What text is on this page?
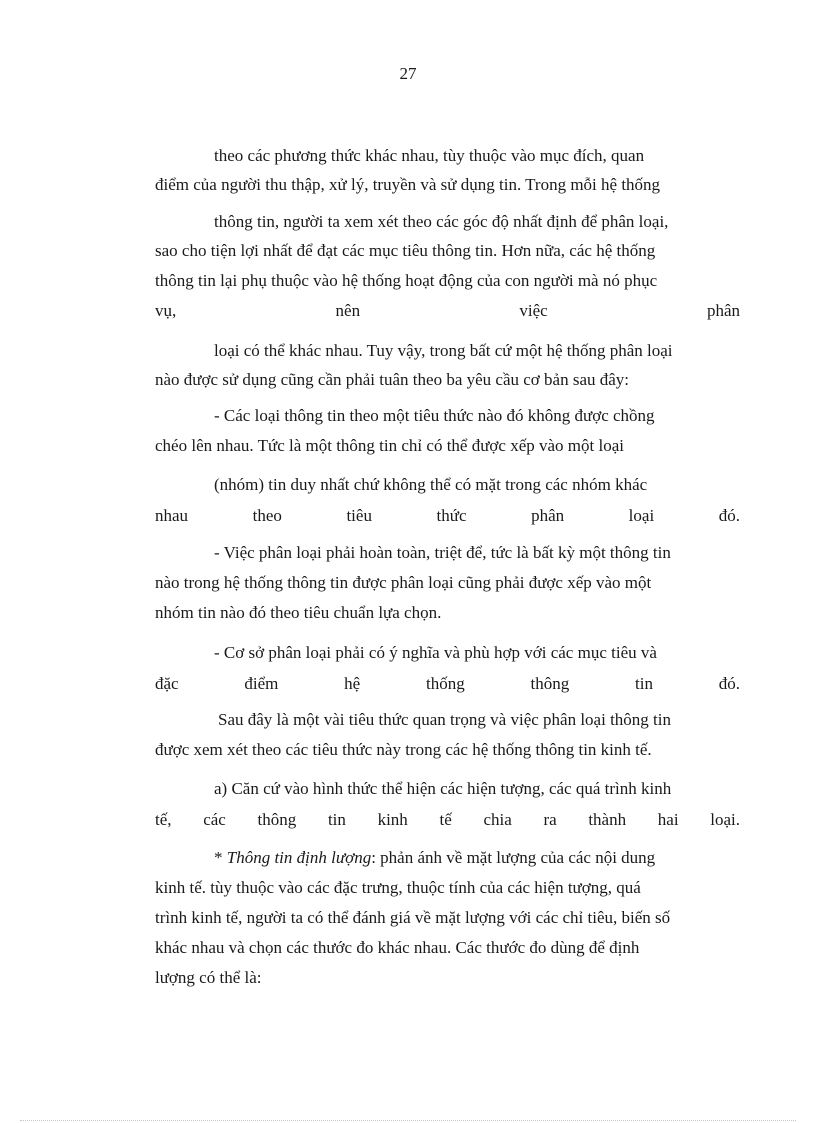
27
theo các phương thức khác nhau, tùy thuộc vào mục đích, quan
điểm của người thu thập, xử lý, truyền và sử dụng tin. Trong mỗi hệ thống
thông tin, người ta xem xét theo các góc độ nhất định để phân loại,
sao cho tiện lợi nhất để đạt các mục tiêu thông tin. Hơn nữa, các hệ thống
thông tin lại phụ thuộc vào hệ thống hoạt động của con người mà nó phục
vụ, nên việc phân
loại có thể khác nhau. Tuy vậy, trong bất cứ một hệ thống phân loại
nào được sử dụng cũng cần phải tuân theo ba yêu cầu cơ bản sau đây:
- Các loại thông tin theo một tiêu thức nào đó không được chồng
chéo lên nhau. Tức là một thông tin chỉ có thể được xếp vào một loại
(nhóm) tin duy nhất chứ không thể có mặt trong các nhóm khác
nhau theo tiêu thức phân loại đó.
- Việc phân loại phải hoàn toàn, triệt để, tức là bất kỳ một thông tin
nào trong hệ thống thông tin được phân loại cũng phải được xếp vào một
nhóm tin nào đó theo tiêu chuẩn lựa chọn.
- Cơ sở phân loại phải có ý nghĩa và phù hợp với các mục tiêu và
đặc điểm hệ thống thông tin đó.
Sau đây là một vài tiêu thức quan trọng và việc phân loại thông tin
được xem xét theo các tiêu thức này trong các hệ thống thông tin kinh tế.
a) Căn cứ vào hình thức thể hiện các hiện tượng, các quá trình kinh
tế, các thông tin kinh tế chia ra thành hai loại.
* Thông tin định lượng: phản ánh về mặt lượng của các nội dung
kinh tế. tùy thuộc vào các đặc trưng, thuộc tính của các hiện tượng, quá
trình kinh tế, người ta có thể đánh giá về mặt lượng với các chỉ tiêu, biến số
khác nhau và chọn các thước đo khác nhau. Các thước đo dùng để định
lượng có thể là:
